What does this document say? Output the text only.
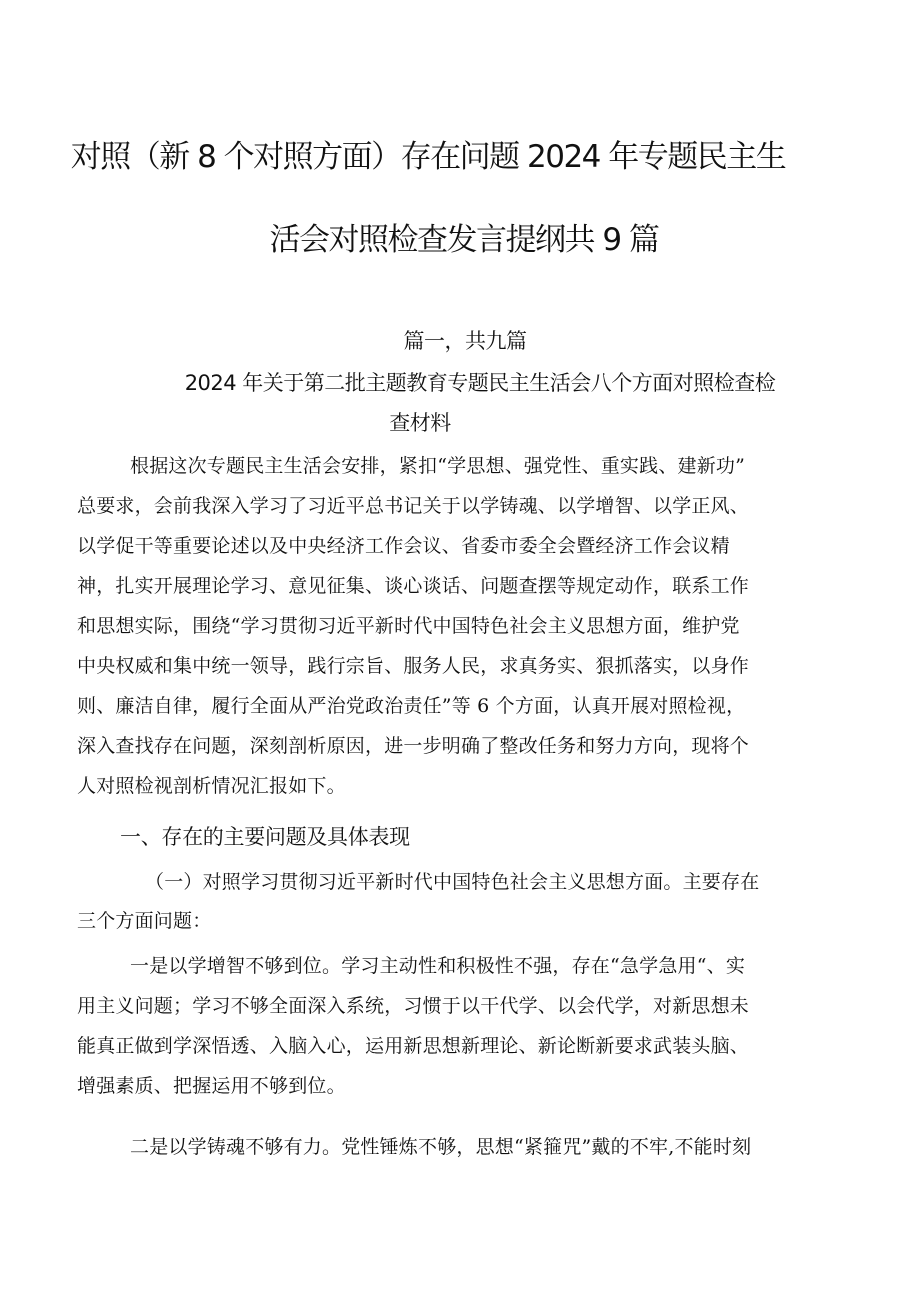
对照（新 8 个对照方面）存在问题 2024 年专题民主生
活会对照检查发言提纲共 9 篇
篇一，共九篇
2024 年关于第二批主题教育专题民主生活会八个方面对照检查检
查材料
根据这次专题民主生活会安排，紧扣“学思想、强党性、重实践、建新功”
总要求，会前我深入学习了习近平总书记关于以学铸魂、以学增智、以学正风、
以学促干等重要论述以及中央经济工作会议、省委市委全会暨经济工作会议精
神，扎实开展理论学习、意见征集、谈心谈话、问题查摆等规定动作，联系工作
和思想实际，围绕“学习贯彻习近平新时代中国特色社会主义思想方面，维护党
中央权威和集中统一领导，践行宗旨、服务人民，求真务实、狠抓落实，以身作
则、廉洁自律，履行全面从严治党政治责任”等 6 个方面，认真开展对照检视，
深入查找存在问题，深刻剖析原因，进一步明确了整改任务和努力方向，现将个
人对照检视剖析情况汇报如下。
一、存在的主要问题及具体表现
（一）对照学习贯彻习近平新时代中国特色社会主义思想方面。主要存在
三个方面问题：
一是以学增智不够到位。学习主动性和积极性不强，存在“急学急用“、实
用主义问题；学习不够全面深入系统，习惯于以干代学、以会代学，对新思想未
能真正做到学深悟透、入脑入心，运用新思想新理论、新论断新要求武装头脑、
增强素质、把握运用不够到位。
二是以学铸魂不够有力。党性锤炼不够，思想“紧箍咒”戴的不牢,不能时刻
